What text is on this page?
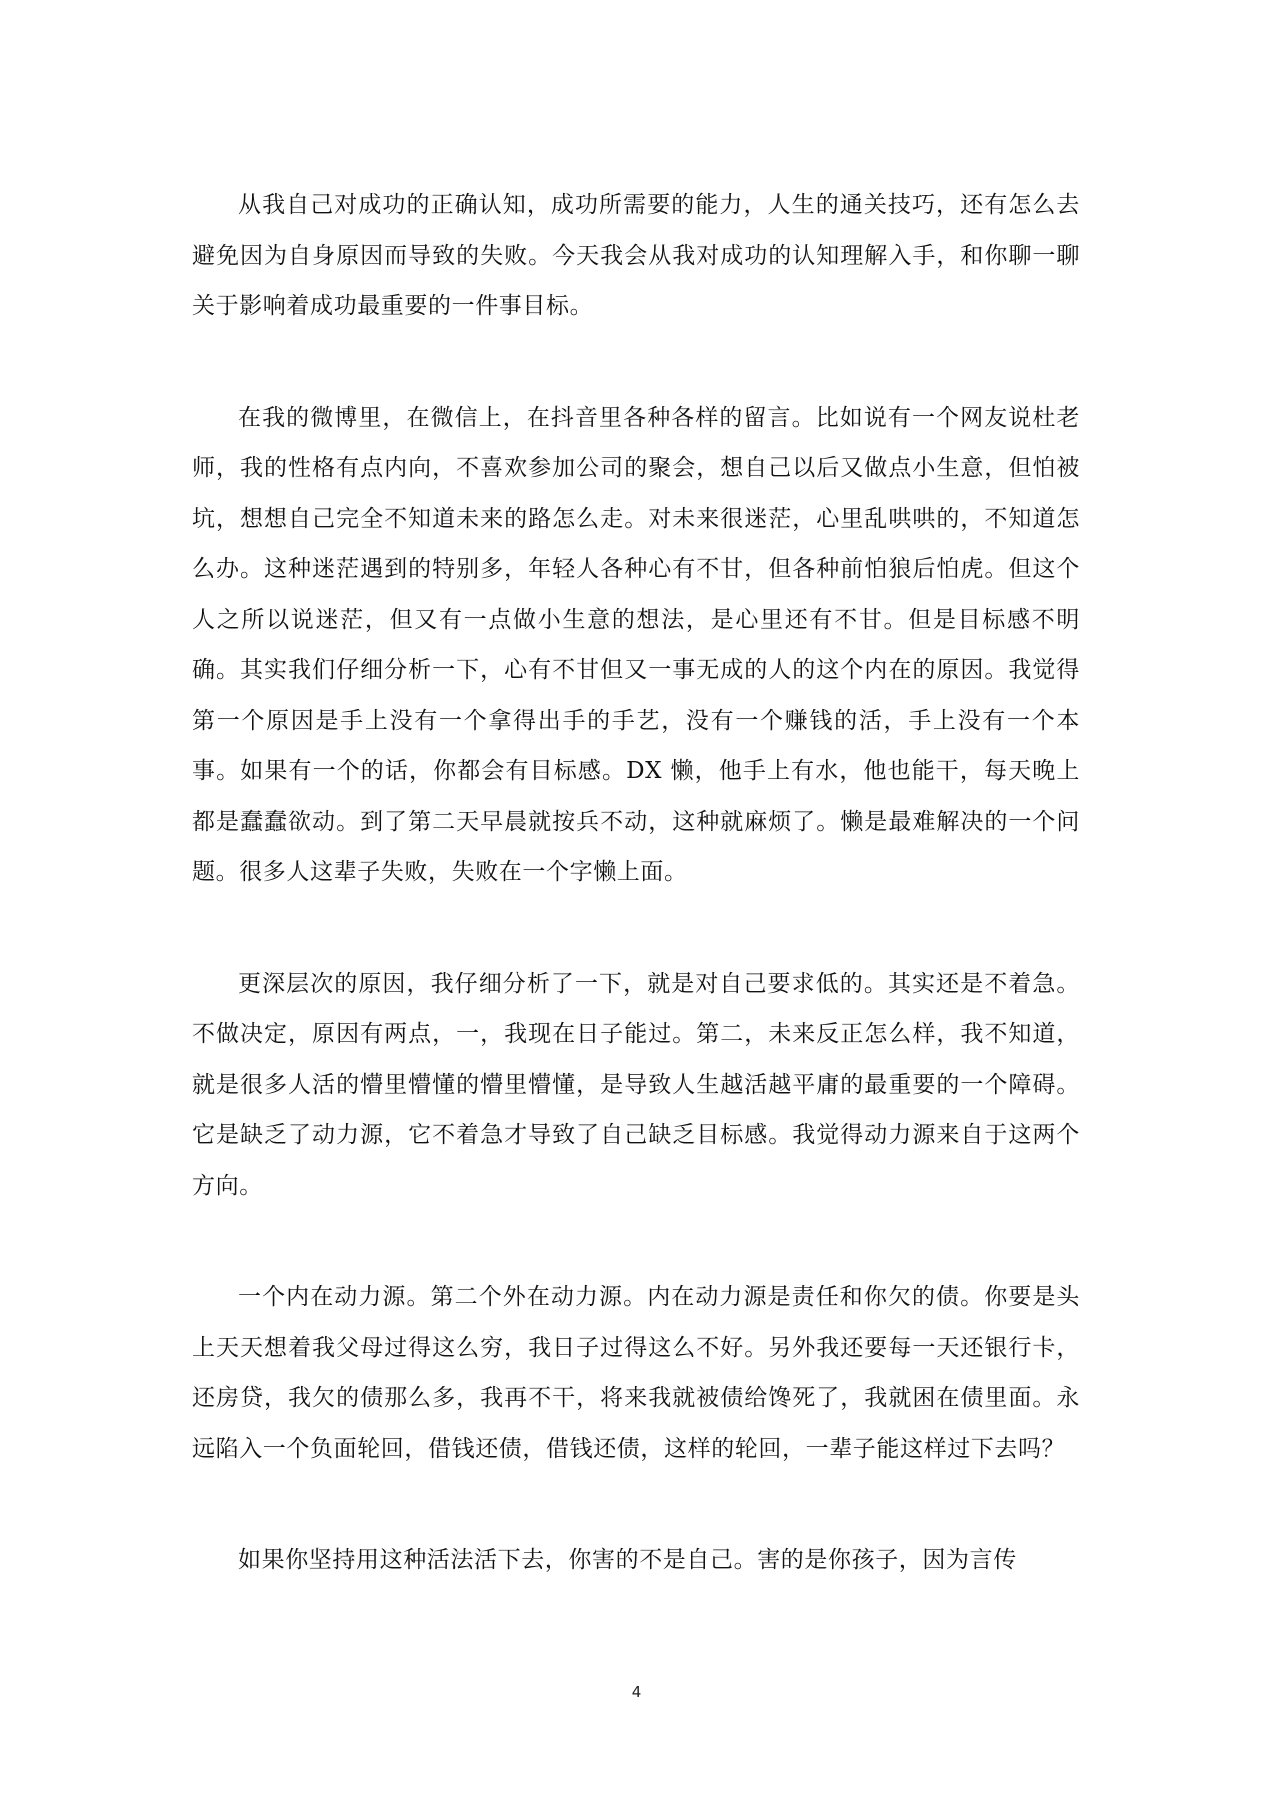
从我自己对成功的正确认知，成功所需要的能力，人生的通关技巧，还有怎么去避免因为自身原因而导致的失败。今天我会从我对成功的认知理解入手，和你聊一聊关于影响着成功最重要的一件事目标。

在我的微博里，在微信上，在抖音里各种各样的留言。比如说有一个网友说杜老师，我的性格有点内向，不喜欢参加公司的聚会，想自己以后又做点小生意，但怕被坑，想想自己完全不知道未来的路怎么走。对未来很迷茫，心里乱哄哄的，不知道怎么办。这种迷茫遇到的特别多，年轻人各种心有不甘，但各种前怕狼后怕虎。但这个人之所以说迷茫，但又有一点做小生意的想法，是心里还有不甘。但是目标感不明确。其实我们仔细分析一下，心有不甘但又一事无成的人的这个内在的原因。我觉得第一个原因是手上没有一个拿得出手的手艺，没有一个赚钱的活，手上没有一个本事。如果有一个的话，你都会有目标感。DX 懒，他手上有水，他也能干，每天晚上都是蠢蠢欲动。到了第二天早晨就按兵不动，这种就麻烦了。懒是最难解决的一个问题。很多人这辈子失败，失败在一个字懒上面。

更深层次的原因，我仔细分析了一下，就是对自己要求低的。其实还是不着急。不做决定，原因有两点，一，我现在日子能过。第二，未来反正怎么样，我不知道，就是很多人活的懵里懵懂的懵里懵懂，是导致人生越活越平庸的最重要的一个障碍。它是缺乏了动力源，它不着急才导致了自己缺乏目标感。我觉得动力源来自于这两个方向。

一个内在动力源。第二个外在动力源。内在动力源是责任和你欠的债。你要是头上天天想着我父母过得这么穷，我日子过得这么不好。另外我还要每一天还银行卡，还房贷，我欠的债那么多，我再不干，将来我就被债给馋死了，我就困在债里面。永远陷入一个负面轮回，借钱还债，借钱还债，这样的轮回，一辈子能这样过下去吗？

如果你坚持用这种活法活下去，你害的不是自己。害的是你孩子，因为言传

4
